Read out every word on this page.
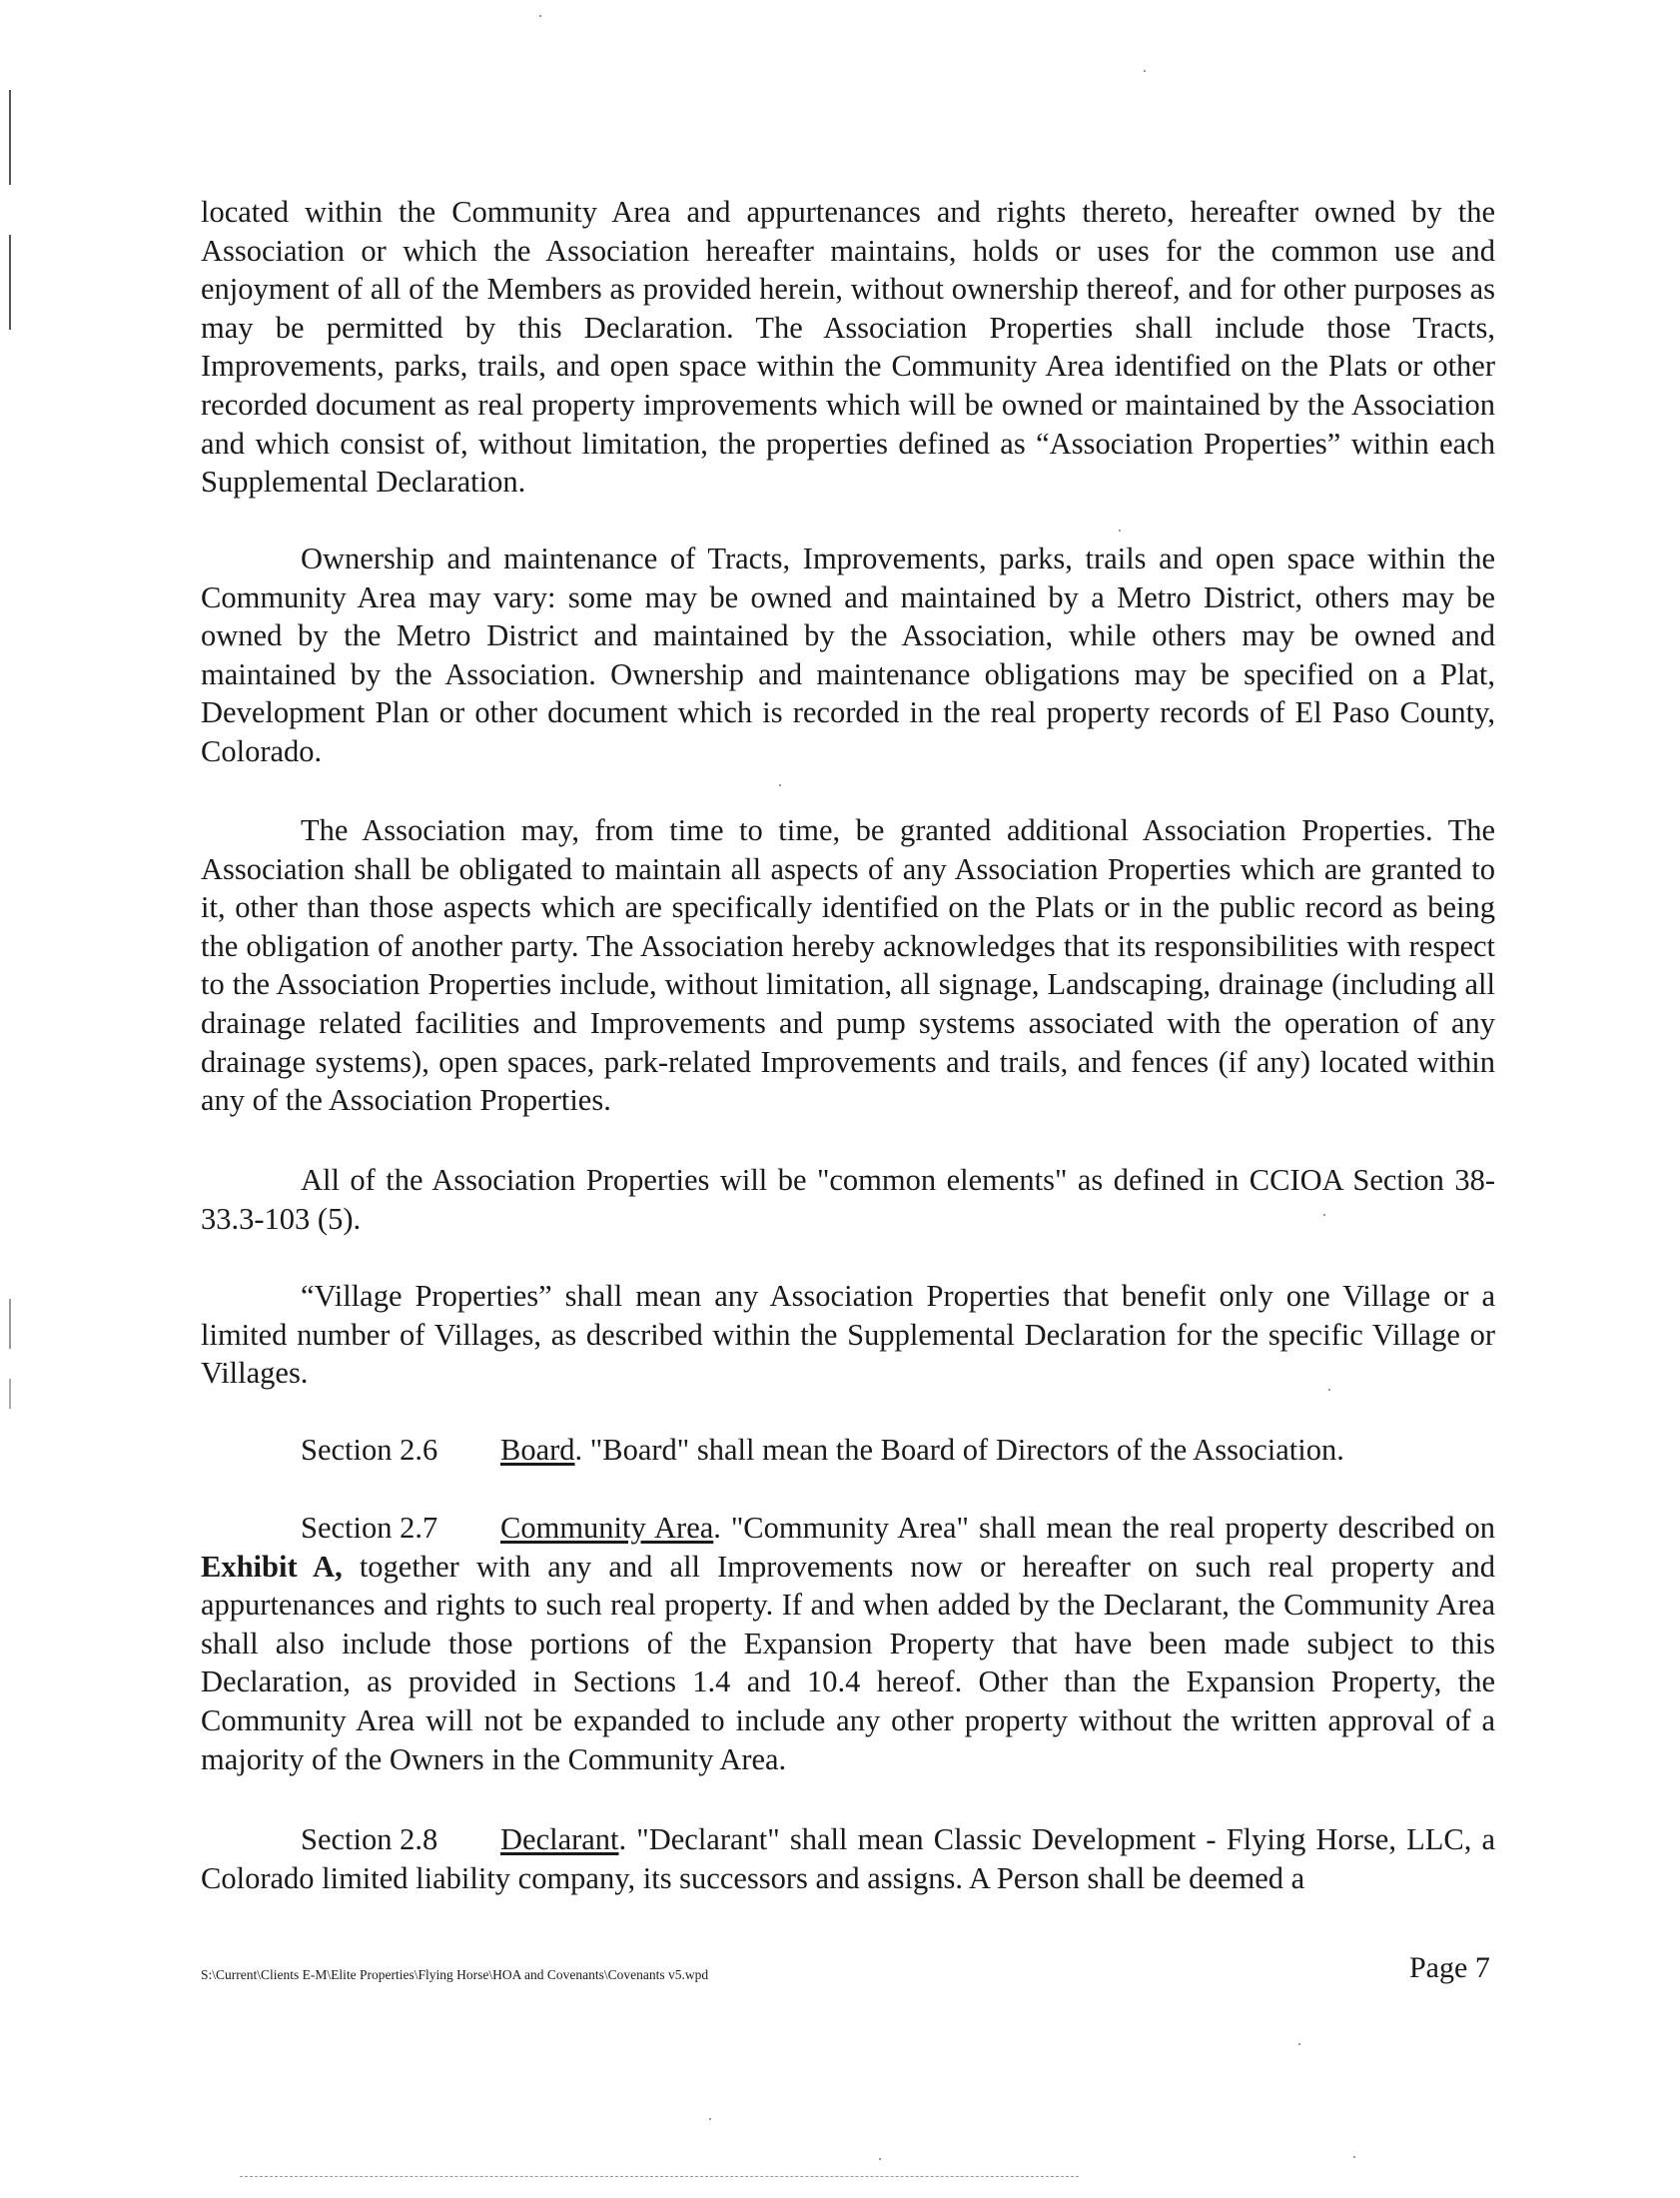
located within the Community Area and appurtenances and rights thereto, hereafter owned by the Association or which the Association hereafter maintains, holds or uses for the common use and enjoyment of all of the Members as provided herein, without ownership thereof, and for other purposes as may be permitted by this Declaration. The Association Properties shall include those Tracts, Improvements, parks, trails, and open space within the Community Area identified on the Plats or other recorded document as real property improvements which will be owned or maintained by the Association and which consist of, without limitation, the properties defined as “Association Properties” within each Supplemental Declaration.

Ownership and maintenance of Tracts, Improvements, parks, trails and open space within the Community Area may vary: some may be owned and maintained by a Metro District, others may be owned by the Metro District and maintained by the Association, while others may be owned and maintained by the Association. Ownership and maintenance obligations may be specified on a Plat, Development Plan or other document which is recorded in the real property records of El Paso County, Colorado.

The Association may, from time to time, be granted additional Association Properties. The Association shall be obligated to maintain all aspects of any Association Properties which are granted to it, other than those aspects which are specifically identified on the Plats or in the public record as being the obligation of another party. The Association hereby acknowledges that its responsibilities with respect to the Association Properties include, without limitation, all signage, Landscaping, drainage (including all drainage related facilities and Improvements and pump systems associated with the operation of any drainage systems), open spaces, park-related Improvements and trails, and fences (if any) located within any of the Association Properties.

All of the Association Properties will be "common elements" as defined in CCIOA Section 38-33.3-103 (5).

“Village Properties” shall mean any Association Properties that benefit only one Village or a limited number of Villages, as described within the Supplemental Declaration for the specific Village or Villages.

Section 2.6 Board. "Board" shall mean the Board of Directors of the Association.

Section 2.7 Community Area. "Community Area" shall mean the real property described on Exhibit A, together with any and all Improvements now or hereafter on such real property and appurtenances and rights to such real property. If and when added by the Declarant, the Community Area shall also include those portions of the Expansion Property that have been made subject to this Declaration, as provided in Sections 1.4 and 10.4 hereof. Other than the Expansion Property, the Community Area will not be expanded to include any other property without the written approval of a majority of the Owners in the Community Area.

Section 2.8 Declarant. "Declarant" shall mean Classic Development - Flying Horse, LLC, a Colorado limited liability company, its successors and assigns. A Person shall be deemed a

S:\Current\Clients E-M\Elite Properties\Flying Horse\HOA and Covenants\Covenants v5.wpd	Page 7
